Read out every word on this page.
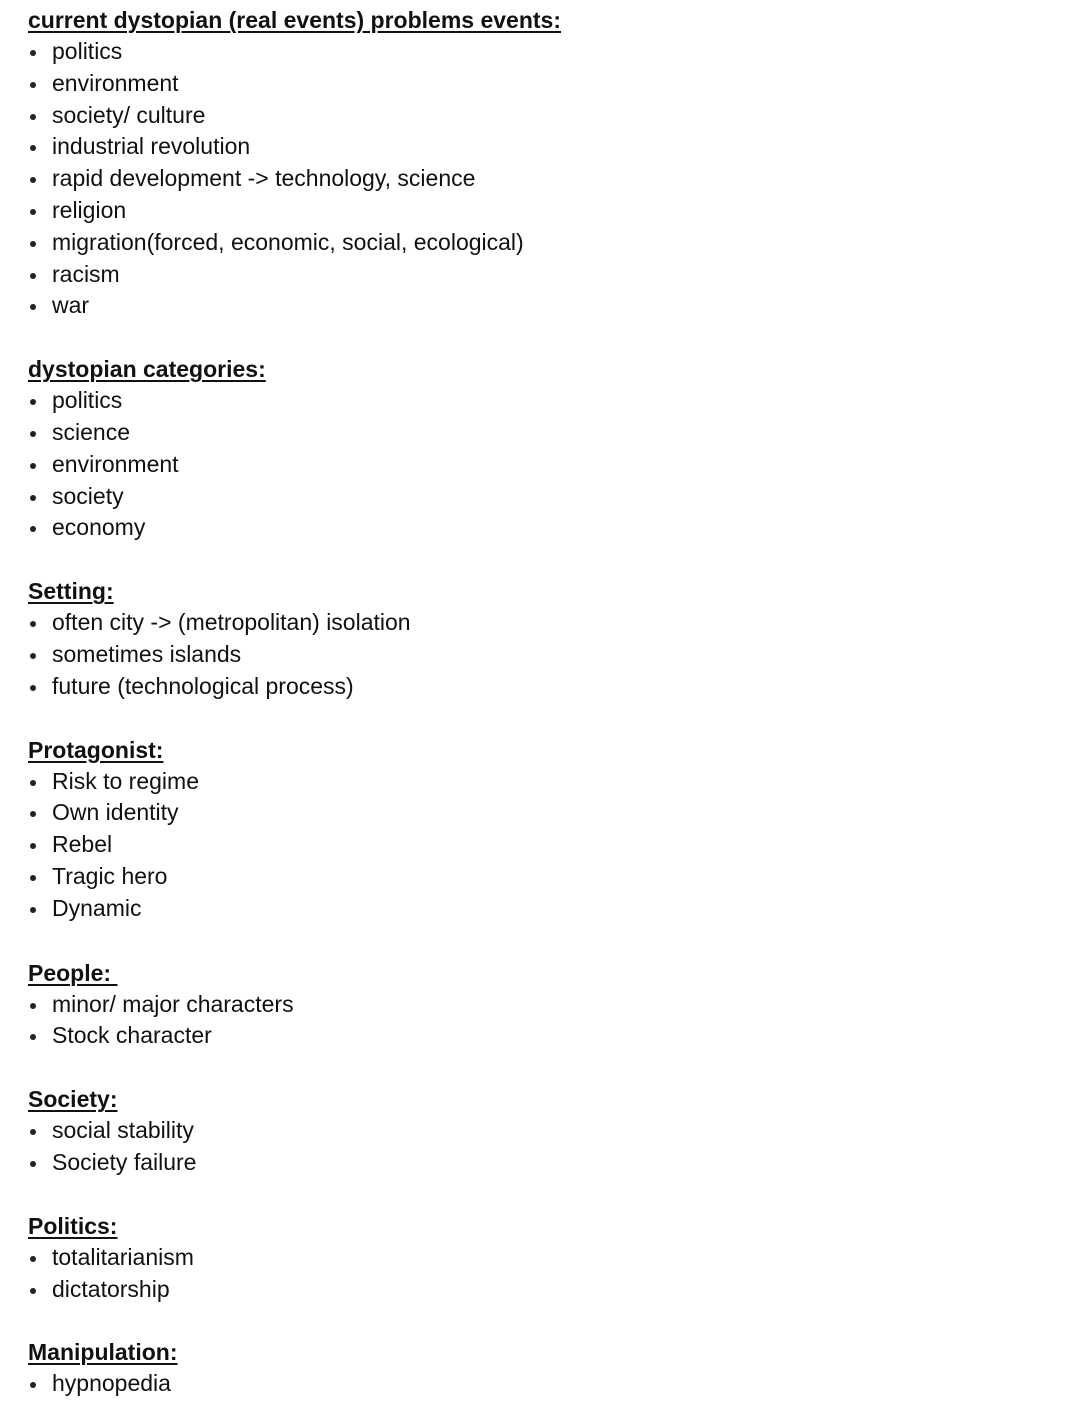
current dystopian (real events) problems events:
politics
environment
society/ culture
industrial revolution
rapid development -> technology, science
religion
migration(forced, economic, social, ecological)
racism
war
dystopian categories:
politics
science
environment
society
economy
Setting:
often city -> (metropolitan) isolation
sometimes islands
future (technological process)
Protagonist:
Risk to regime
Own identity
Rebel
Tragic hero
Dynamic
People:
minor/ major characters
Stock character
Society:
social stability
Society failure
Politics:
totalitarianism
dictatorship
Manipulation:
hypnopedia
